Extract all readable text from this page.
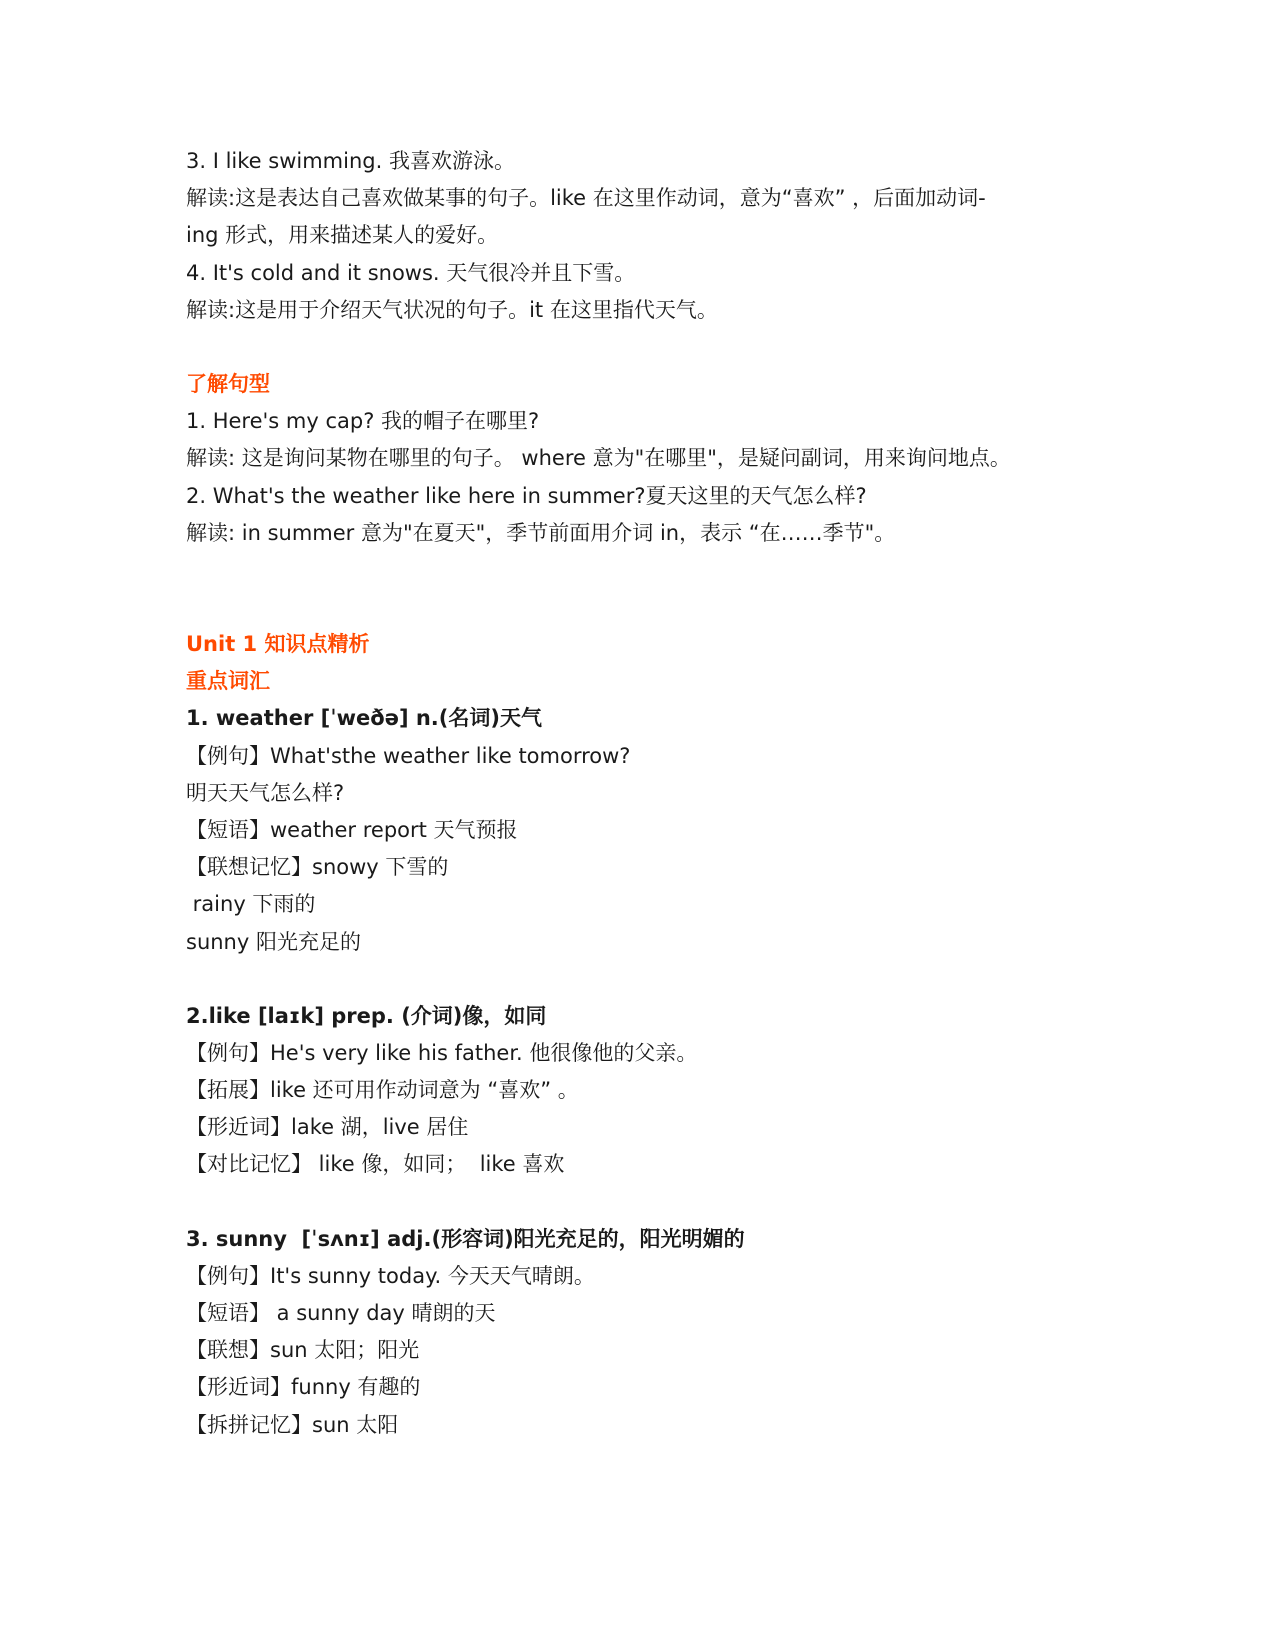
3. I like swimming. 我喜欢游泳。
解读:这是表达自己喜欢做某事的句子。like 在这里作动词，意为“喜欢” ，后面加动词-
ing 形式，用来描述某人的爱好。
4. It's cold and it snows. 天气很冷并且下雪。
解读:这是用于介绍天气状况的句子。it 在这里指代天气。
了解句型
1. Here's my cap? 我的帽子在哪里?
解读: 这是询问某物在哪里的句子。 where 意为"在哪里"，是疑问副词，用来询问地点。
2. What's the weather like here in summer?夏天这里的天气怎么样?
解读: in summer 意为"在夏天"，季节前面用介词 in，表示 “在……季节"。
Unit 1 知识点精析
重点词汇
1. weather [ˈweðə] n.(名词)天气
【例句】What'sthe weather like tomorrow?
明天天气怎么样?
【短语】weather report 天气预报
【联想记忆】snowy 下雪的
rainy 下雨的
sunny 阳光充足的
2.like [laɪk] prep. (介词)像，如同
【例句】He's very like his father. 他很像他的父亲。
【拓展】like 还可用作动词意为 “喜欢” 。
【形近词】lake 湖，live 居住
【对比记忆】 like 像，如同；  like 喜欢
3. sunny  [ˈsʌnɪ] adj.(形容词)阳光充足的，阳光明媚的
【例句】It's sunny today. 今天天气晴朗。
【短语】 a sunny day 晴朗的天
【联想】sun 太阳；阳光
【形近词】funny 有趣的
【拆拼记忆】sun 太阳
